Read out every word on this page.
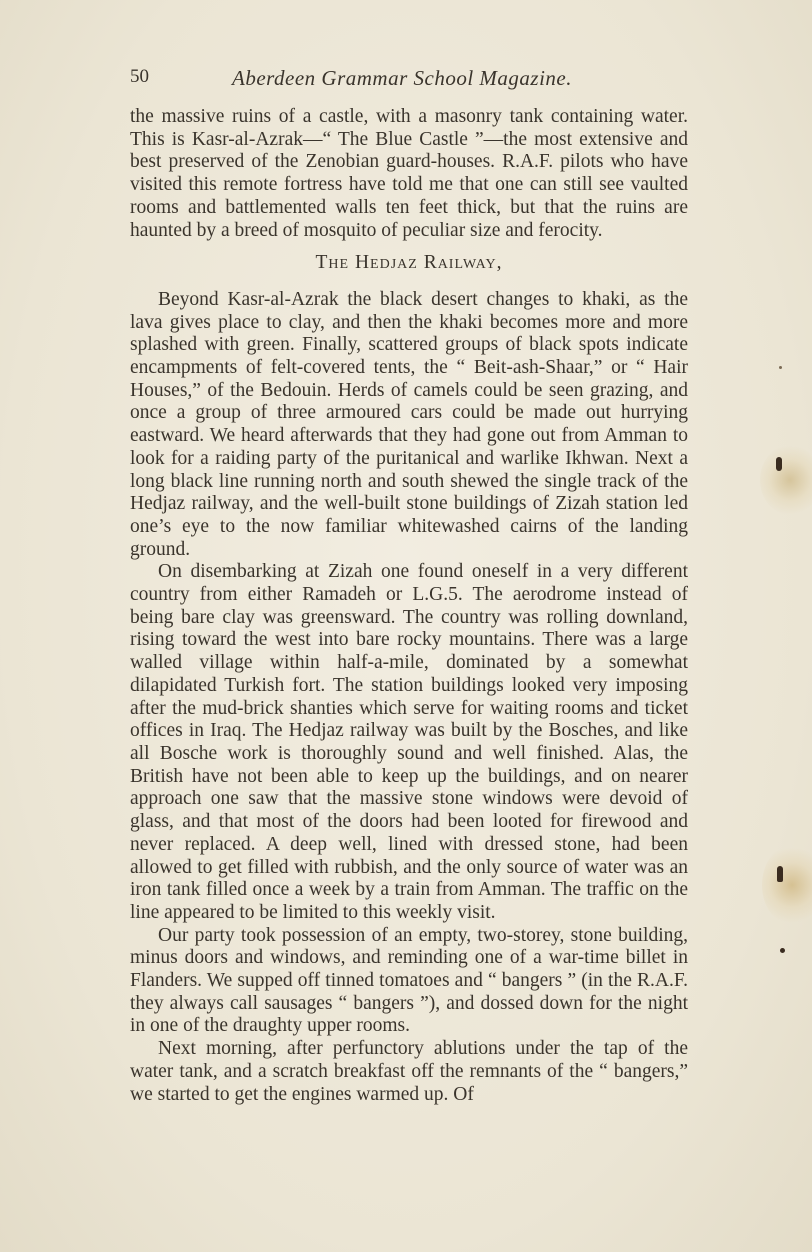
50	Aberdeen Grammar School Magazine.

the massive ruins of a castle, with a masonry tank containing water. This is Kasr-al-Azrak—“ The Blue Castle ”—the most extensive and best preserved of the Zenobian guard-houses. R.A.F. pilots who have visited this remote fortress have told me that one can still see vaulted rooms and battlemented walls ten feet thick, but that the ruins are haunted by a breed of mosquito of peculiar size and ferocity.

The Hedjaz Railway,

Beyond Kasr-al-Azrak the black desert changes to khaki, as the lava gives place to clay, and then the khaki becomes more and more splashed with green. Finally, scattered groups of black spots indicate encampments of felt-covered tents, the “ Beit-ash-Shaar,” or “ Hair Houses,” of the Bedouin. Herds of camels could be seen grazing, and once a group of three armoured cars could be made out hurrying eastward. We heard afterwards that they had gone out from Amman to look for a raiding party of the puritanical and warlike Ikhwan. Next a long black line running north and south shewed the single track of the Hedjaz railway, and the well-built stone buildings of Zizah station led one’s eye to the now familiar whitewashed cairns of the landing ground.

On disembarking at Zizah one found oneself in a very different country from either Ramadeh or L.G.5. The aerodrome instead of being bare clay was greensward. The country was rolling downland, rising toward the west into bare rocky mountains. There was a large walled village within half-a-mile, dominated by a somewhat dilapidated Turkish fort. The station buildings looked very imposing after the mud-brick shanties which serve for waiting rooms and ticket offices in Iraq. The Hedjaz railway was built by the Bosches, and like all Bosche work is thoroughly sound and well finished. Alas, the British have not been able to keep up the buildings, and on nearer approach one saw that the massive stone windows were devoid of glass, and that most of the doors had been looted for firewood and never replaced. A deep well, lined with dressed stone, had been allowed to get filled with rubbish, and the only source of water was an iron tank filled once a week by a train from Amman. The traffic on the line appeared to be limited to this weekly visit.

Our party took possession of an empty, two-storey, stone building, minus doors and windows, and reminding one of a war-time billet in Flanders. We supped off tinned tomatoes and “ bangers ” (in the R.A.F. they always call sausages “ bangers ”), and dossed down for the night in one of the draughty upper rooms.

Next morning, after perfunctory ablutions under the tap of the water tank, and a scratch breakfast off the remnants of the “ bangers,” we started to get the engines warmed up. Of
